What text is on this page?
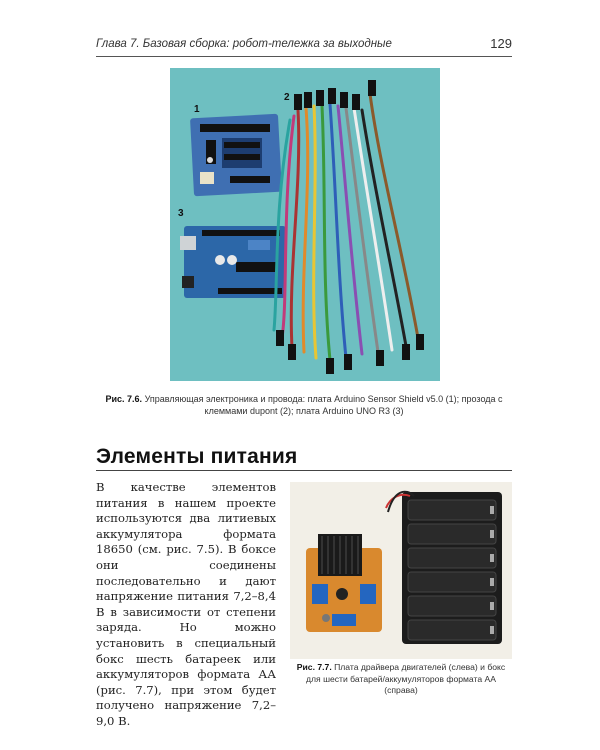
Глава 7. Базовая сборка: робот-тележка за выходные	129
1
2
3
Рис. 7.6. Управляющая электроника и провода: плата Arduino Sensor Shield v5.0 (1); прозода с клеммами dupont (2); плата Arduino UNO R3 (3)
Элементы питания
В качестве элементов питания в нашем проекте используются два литиевых аккумулятора формата 18650 (см. рис. 7.5). В боксе они соединены последовательно и дают напряжение питания 7,2–8,4 В в зависимости от степени заряда. Но можно установить в специальный бокс шесть батареек или аккумуляторов формата АА (рис. 7.7), при этом будет получено напряжение 7,2–9,0 В.
Рис. 7.7. Плата драйвера двигателей (слева) и бокс для шести батарей/аккумуляторов формата АА (справа)
